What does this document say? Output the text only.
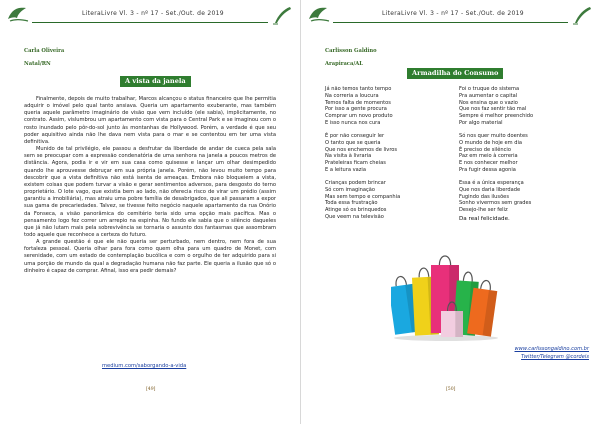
LiteraLivre Vl. 3 - nº 17 - Set./Out. de 2019
Carla Oliveira
Natal/RN
A vista da janela

Finalmente, depois de muito trabalhar, Marcos alcançou o status financeiro que lhe permitia adquirir o imóvel pelo qual tanto ansiava. Queria um apartamento exuberante, mas também queria aquele parâmetro imaginário de visão que vem incluído (ele sabia), implicitamente, no contrato. Assim, vislumbrou um apartamento com vista para o Central Park e se imaginou com o rosto inundado pelo pôr-do-sol junto às montanhas de Hollywood. Porém, a verdade é que seu poder aquisitivo ainda não lhe dava nem vista para o mar e se contentou em ter uma vista definitiva.

Munido de tal privilégio, ele passou a desfrutar da liberdade de andar de cueca pela sala sem se preocupar com a expressão condenatória de uma senhora na janela a poucos metros de distância. Agora, podia ir e vir em sua casa como quisesse e lançar um olhar desimpedido quando lhe aprouvesse debruçar em sua própria janela. Porém, não levou muito tempo para descobrir que a vista definitiva não está isenta de ameaças. Embora não bloqueiem a vista, existem coisas que podem turvar a visão e gerar sentimentos adversos, para desgosto do terno proprietário. O lote vago, que existia bem ao lado, não oferecia risco de virar um prédio (assim garantiu a imobiliária), mas atraiu uma pobre família de desabrigados, que ali passaram a expor sua gama de precariedades. Talvez, se tivesse feito negócio naquele apartamento da rua Onório da Fonseca, a visão panorâmica do cemitério teria sido uma opção mais pacífica. Mas o pensamento logo fez correr um arrepio na espinha. No fundo ele sabia que o silêncio daqueles que já não lutam mais pela sobrevivência se tornaria o assunto dos fantasmas que assombram todo aquele que reconhece a certeza do futuro.

A grande questão é que ele não queria ser perturbado, nem dentro, nem fora de sua fortaleza pessoal. Queria olhar para fora como quem olha para um quadro de Monet, com serenidade, com um estado de contemplação bucólica e com o orgulho de ter adquirido para si uma porção de mundo da qual a degradação humana não faz parte. Ele queria a ilusão que só o dinheiro é capaz de comprar. Afinal, isso era pedir demais?

medium.com/saborgando-a-vida
[49]
LiteraLivre Vl. 3 - nº 17 - Set./Out. de 2019
Carlisson Galdino
Arapiraca/AL
Armadilha do Consumo
Já não temos tanto tempo
Na correria a loucura
Temos falta de momentos
Por isso a gente procura
Comprar um novo produto
E isso nunca nos cura
É por não conseguir ler
O tanto que se queria
Que nos enchemos de livros
Na visita à livraria
Prateleiras ficam cheias
E a leitura vazia
Crianças podem brincar
Só com imaginação
Mas sem tempo e companhia
Toda essa frustração
Atinge só os brinquedos
Que veem na televisão
Foi o truque do sistema
Pra aumentar o capital
Nos ensina que o vazio
Que nos faz sentir tão mal
Sempre é melhor preenchido
Por algo material
Só nos quer muito doentes
O mundo de hoje em dia
É preciso de silêncio
Paz em meio à correria
E nos conhecer melhor
Pra fugir dessa agonia
Essa é a única esperança
Que nos daria liberdade
Fugindo das ilusões
Sonho vivermos sem grades
Desejo-lhe ser feliz
Da real felicidade.
www.carlissongaldino.com.br
Twitter/Telegram @cordeis
[50]
